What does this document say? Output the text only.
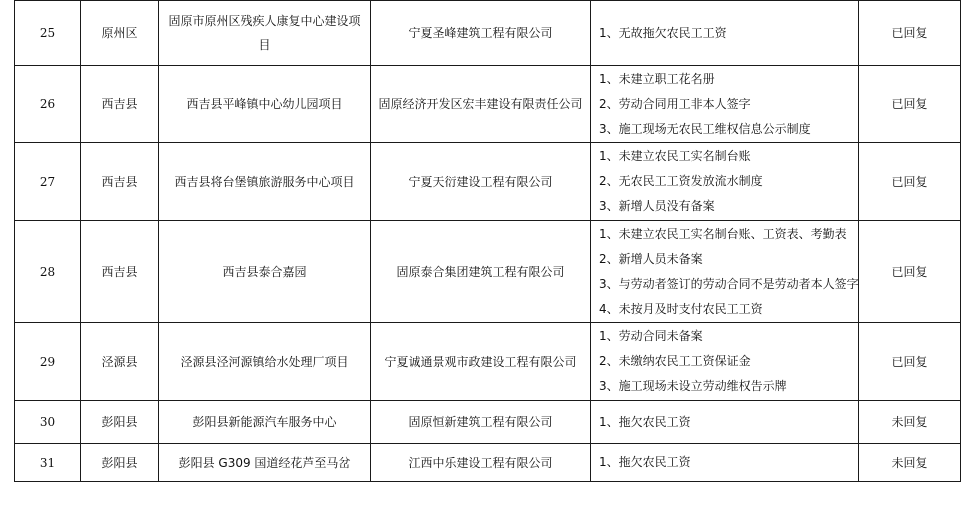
25	原州区	固原市原州区残疾人康复中心建设项目	宁夏圣峰建筑工程有限公司	1、无故拖欠农民工工资	已回复
26	西吉县	西吉县平峰镇中心幼儿园项目	固原经济开发区宏丰建设有限责任公司	1、未建立职工花名册
2、劳动合同用工非本人签字
3、施工现场无农民工维权信息公示制度	已回复
27	西吉县	西吉县将台堡镇旅游服务中心项目	宁夏天衍建设工程有限公司	1、未建立农民工实名制台账
2、无农民工工资发放流水制度
3、新增人员没有备案	已回复
28	西吉县	西吉县泰合嘉园	固原泰合集团建筑工程有限公司	1、未建立农民工实名制台账、工资表、考勤表
2、新增人员未备案
3、与劳动者签订的劳动合同不是劳动者本人签字
4、未按月及时支付农民工工资	已回复
29	泾源县	泾源县泾河源镇给水处理厂项目	宁夏诚通景观市政建设工程有限公司	1、劳动合同未备案
2、未缴纳农民工工资保证金
3、施工现场未设立劳动维权告示牌	已回复
30	彭阳县	彭阳县新能源汽车服务中心	固原恒新建筑工程有限公司	1、拖欠农民工资	未回复
31	彭阳县	彭阳县 G309 国道经花芦至马岔	江西中乐建设工程有限公司	1、拖欠农民工资	未回复
